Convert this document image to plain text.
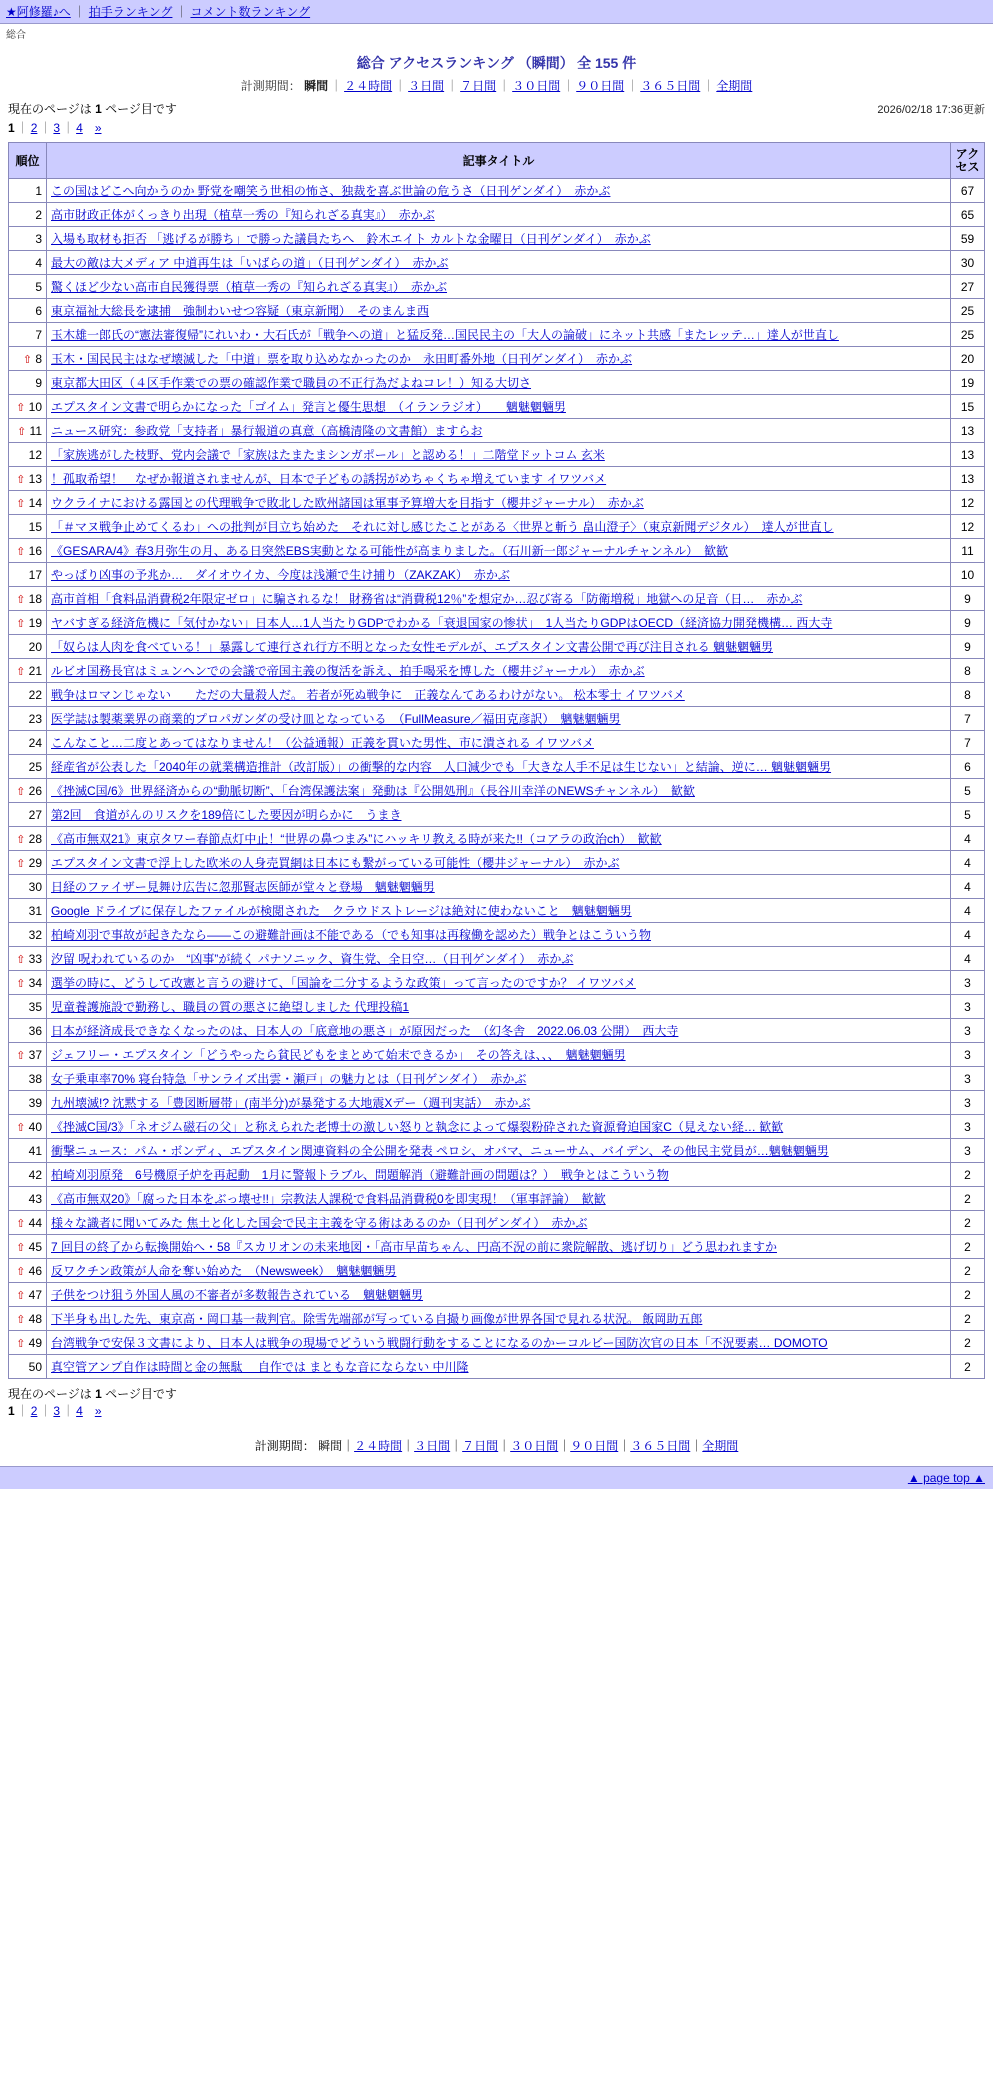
★阿修羅♪へ ｜ 拍手ランキング ｜ コメント数ランキング
総合
総合 アクセスランキング （瞬間） 全 155 件
計測期間： 瞬間 ｜ ２４時間 ｜ ３日間 ｜ ７日間 ｜ ３０日間 ｜ ９０日間 ｜ ３６５日間 ｜ 全期間
現在のページは 1 ページ目です	2026/02/18 17:36更新
1 ｜ 2 ｜ 3 ｜ 4　 »
順位	記事タイトル	アクセス
1	この国はどこへ向かうのか 野党を嘲笑う世相の怖さ、独裁を喜ぶ世論の危うさ（日刊ゲンダイ）　赤かぶ	67
2	高市財政正体がくっきり出現（植草一秀の『知られざる真実』）　赤かぶ	65
3	入場も取材も拒否 「逃げるが勝ち」で勝った議員たちへ　鈴木エイト カルトな金曜日（日刊ゲンダイ）　赤かぶ	59
4	最大の敵は大メディア 中道再生は「いばらの道」（日刊ゲンダイ）　赤かぶ	30
5	驚くほど少ない高市自民獲得票（植草一秀の『知られざる真実』）　赤かぶ	27
6	東京福祉大総長を逮捕　強制わいせつ容疑（東京新聞）　そのまんま西	25
7	玉木雄一郎氏の“憲法審復帰”にれいわ・大石氏が「戦争への道」と猛反発…国民民主の「大人の論破」にネット共感「またレッテ…」達人が世直し	25
⇧ 8	玉木・国民民主はなぜ壊滅した「中道」票を取り込めなかったのか　永田町番外地（日刊ゲンダイ）　赤かぶ	20
9	東京都大田区（４区手作業での票の確認作業で職員の不正行為だよねコレ！）知る大切さ	19
⇧ 10	エプスタイン文書で明らかになった「ゴイム」発言と優生思想　（イランラジオ）　　魑魅魍魎男	15
⇧ 11	ニュース研究：参政党「支持者」暴行報道の真意（高橋清隆の文書館）ますらお	13
12	「家族逃がした枝野、党内会議で「家族はたまたまシンガポール」と認める！」二階堂ドットコム 玄米	13
⇧ 13	！孤取希望！　なぜか報道されませんが、日本で子どもの誘拐がめちゃくちゃ増えています イワツバメ	13
⇧ 14	ウクライナにおける露国との代理戦争で敗北した欧州諸国は軍事予算増大を目指す（櫻井ジャーナル）　赤かぶ	12
15	「＃マヌ戦争止めてくるわ」への批判が目立ち始めた　それに対し感じたことがある〈世界と斬う 畠山澄子〉（東京新聞デジタル）　達人が世直し	12
⇧ 16	《GESARA/4》春3月弥生の月、ある日突然EBS実動となる可能性が高まりました。（石川新一郎ジャーナルチャンネル）　歓歓	11
17	やっぱり凶事の予兆か…　ダイオウイカ、今度は浅瀬で生け捕り（ZAKZAK）　赤かぶ	10
⇧ 18	高市首相「食料品消費税2年限定ゼロ」に騙されるな！ 財務省は“消費税12％”を想定か…忍び寄る「防衛増税」地獄への足音（日…　赤かぶ	9
⇧ 19	ヤバすぎる経済危機に「気付かない」日本人…1人当たりGDPでわかる「衰退国家の惨状」　1人当たりGDPはOECD（経済協力開発機構… 西大寺	9
20	「奴らは人肉を食べている！」暴露して連行され行方不明となった女性モデルが、エプスタイン文書公開で再び注目される 魑魅魍魎男	9
⇧ 21	ルビオ国務長官はミュンヘンでの会議で帝国主義の復活を訴え、拍手喝采を博した（櫻井ジャーナル）　赤かぶ	8
22	戦争はロマンじゃない　　ただの大量殺人だ。 若者が死ぬ戦争に　正義なんてあるわけがない。 松本零士 イワツバメ	8
23	医学誌は製薬業界の商業的プロパガンダの受け皿となっている　（FullMeasure／福田克彦訳）　魑魅魍魎男	7
24	こんなこと…二度とあってはなりません！（公益通報）正義を貫いた男性、市に潰される イワツバメ	7
25	経産省が公表した「2040年の就業構造推計（改訂版）」の衝撃的な内容　人口減少でも「大きな人手不足は生じない」と結論、逆に… 魑魅魍魎男	6
⇧ 26	《挫滅C国/6》世界経済からの“動脈切断”、「台湾保護法案」発動は『公開処刑』（長谷川幸洋のNEWSチャンネル）　歓歓	5
27	第2回　食道がんのリスクを189倍にした要因が明らかに　うまき	5
⇧ 28	《高市無双21》東京タワー春節点灯中止！“世界の鼻つまみ”にハッキリ教える時が来た!!（コアラの政治ch）　歓歓	4
⇧ 29	エプスタイン文書で浮上した欧米の人身売買網は日本にも繋がっている可能性（櫻井ジャーナル）　赤かぶ	4
30	日経のファイザー見舞け広告に忽那賢志医師が堂々と登場　魑魅魍魎男	4
31	Google ドライブに保存したファイルが検閲された　クラウドストレージは絶対に使わないこと　魑魅魍魎男	4
32	柏崎刈羽で事故が起きたなら――この避難計画は不能である（でも知事は再稼働を認めた）戦争とはこういう物	4
⇧ 33	汐留 呪われているのか　“凶事”が続く パナソニック、資生党、全日空…（日刊ゲンダイ）　赤かぶ	4
⇧ 34	選挙の時に、どうして改憲と言うの避けて、「国論を二分するような政策」って言ったのですか？ イワツバメ	3
35	児童養護施設で勤務し、職員の質の悪さに絶望しました 代理投稿1	3
36	日本が経済成長できなくなったのは、日本人の「底意地の悪さ」が原因だった　（幻冬舎　2022.06.03 公開）　西大寺	3
⇧ 37	ジェフリー・エプスタイン「どうやったら貧民どもをまとめて始末できるか」　その答えは、、、　魑魅魍魎男	3
38	女子乗車率70% 寝台特急「サンライズ出雲・瀬戸」の魅力とは（日刊ゲンダイ）　赤かぶ	3
39	九州壊滅!? 沈黙する「豊図断層帯」(南半分)が暴発する大地震Xデー（週刊実話）　赤かぶ	3
⇧ 40	《挫滅C国/3》「ネオジム磁石の父」と称えられた老博士の激しい怒りと執念によって爆裂粉砕された資源脅迫国家С（見えない経… 歓歓	3
41	衝撃ニュース：パム・ボンディ、エプスタイン関連資料の全公開を発表 ペロシ、オバマ、ニューサム、バイデン、その他民主党員が…魑魅魍魎男	3
42	柏崎刈羽原発　6号機原子炉を再起動　1月に警報トラブル、問題解消（避難計画の問題は？）　戦争とはこういう物	2
43	《高市無双20》「腐った日本をぶっ壊せ!!」宗教法人課税で食料品消費税0を即実現！（軍事評論）　歓歓	2
⇧ 44	様々な識者に聞いてみた 焦土と化した国会で民主主義を守る術はあるのか（日刊ゲンダイ）　赤かぶ	2
⇧ 45	7 回目の終了から転換開始へ・58『スカリオンの未来地図・「高市早苗ちゃん、円高不況の前に衆院解散、逃げ切り」どう思われますか	2
⇧ 46	反ワクチン政策が人命を奪い始めた　（Newsweek）　魑魅魍魎男	2
⇧ 47	子供をつけ狙う外国人風の不審者が多数報告されている　魑魅魍魎男	2
⇧ 48	下半身も出した先、東京高・岡口基一裁判官。除雪先端部が写っている自撮り画像が世界各国で見れる状況。 飯岡助五郎	2
⇧ 49	台湾戦争で安保３文書により、日本人は戦争の現場でどういう戦闘行動をすることになるのかーコルビー国防次官の日本「不況要素… DOMOTO	2
50	真空管アンプ自作は時間と金の無駄 ＿自作では まともな音にならない 中川隆	2
現在のページは 1 ページ目です
1 ｜ 2 ｜ 3 ｜ 4　 »
計測期間： 瞬間｜２４時間｜３日間｜７日間｜３０日間｜９０日間｜３６５日間｜全期間
▲ page top ▲
